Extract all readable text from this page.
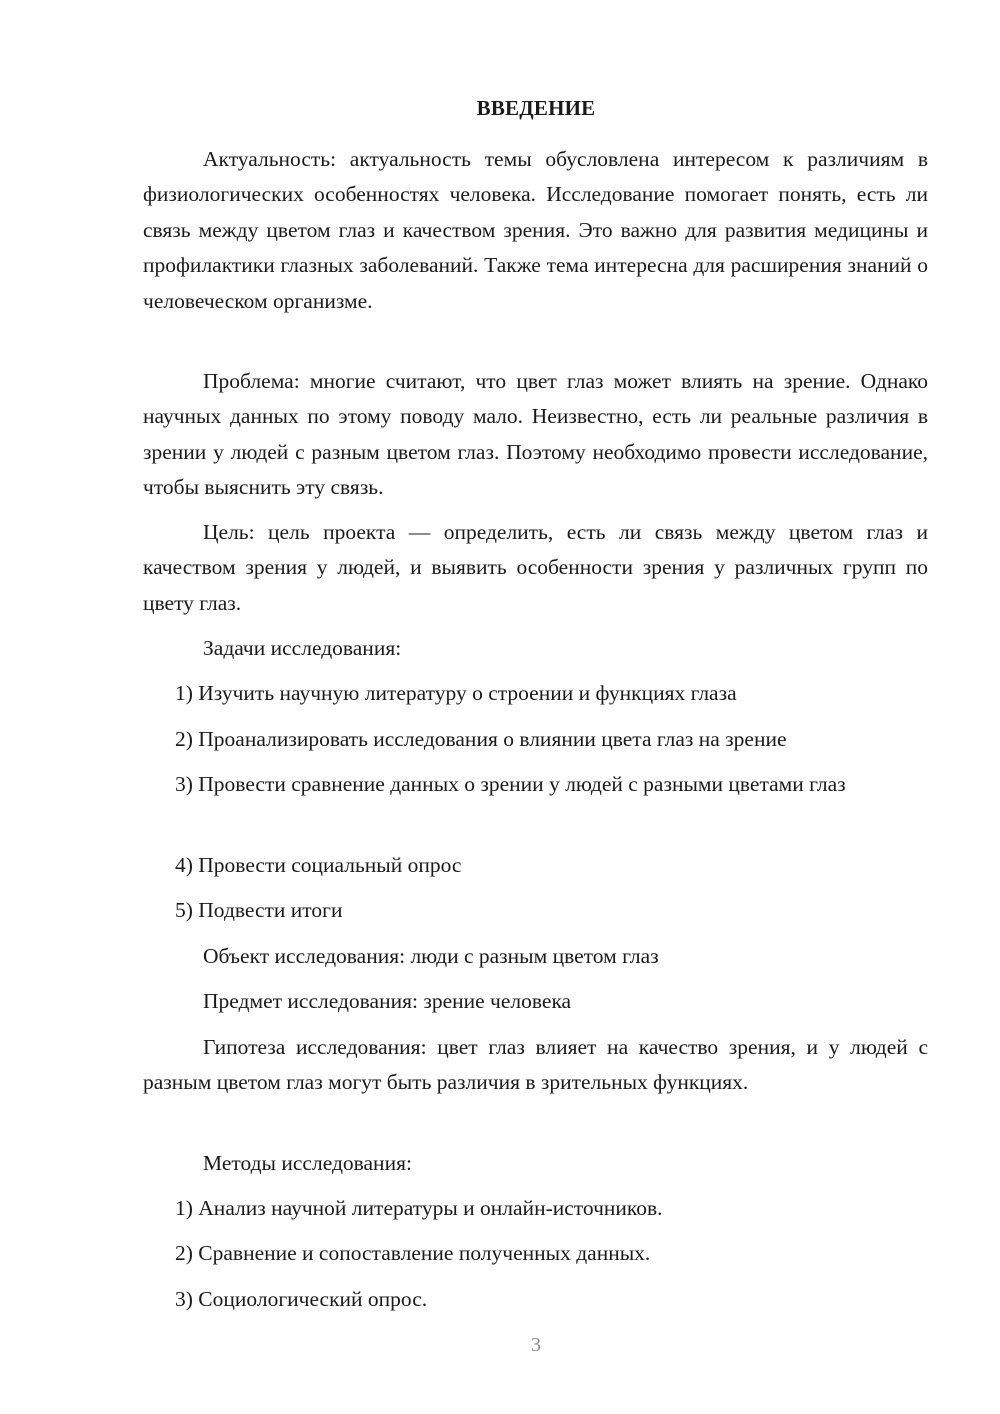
ВВЕДЕНИЕ

Актуальность: актуальность темы обусловлена интересом к различиям в физиологических особенностях человека. Исследование помогает понять, есть ли связь между цветом глаз и качеством зрения. Это важно для развития медицины и профилактики глазных заболеваний. Также тема интересна для расширения знаний о человеческом организме.

Проблема: многие считают, что цвет глаз может влиять на зрение. Однако научных данных по этому поводу мало. Неизвестно, есть ли реальные различия в зрении у людей с разным цветом глаз. Поэтому необходимо провести исследование, чтобы выяснить эту связь.

Цель: цель проекта — определить, есть ли связь между цветом глаз и качеством зрения у людей, и выявить особенности зрения у различных групп по цвету глаз.

Задачи исследования:

1) Изучить научную литературу о строении и функциях глаза

2) Проанализировать исследования о влиянии цвета глаз на зрение

3) Провести сравнение данных о зрении у людей с разными цветами глаз

4) Провести социальный опрос

5) Подвести итоги

Объект исследования: люди с разным цветом глаз

Предмет исследования: зрение человека

Гипотеза исследования: цвет глаз влияет на качество зрения, и у людей с разным цветом глаз могут быть различия в зрительных функциях.

Методы исследования:

1) Анализ научной литературы и онлайн-источников.

2) Сравнение и сопоставление полученных данных.

3) Социологический опрос.

3
